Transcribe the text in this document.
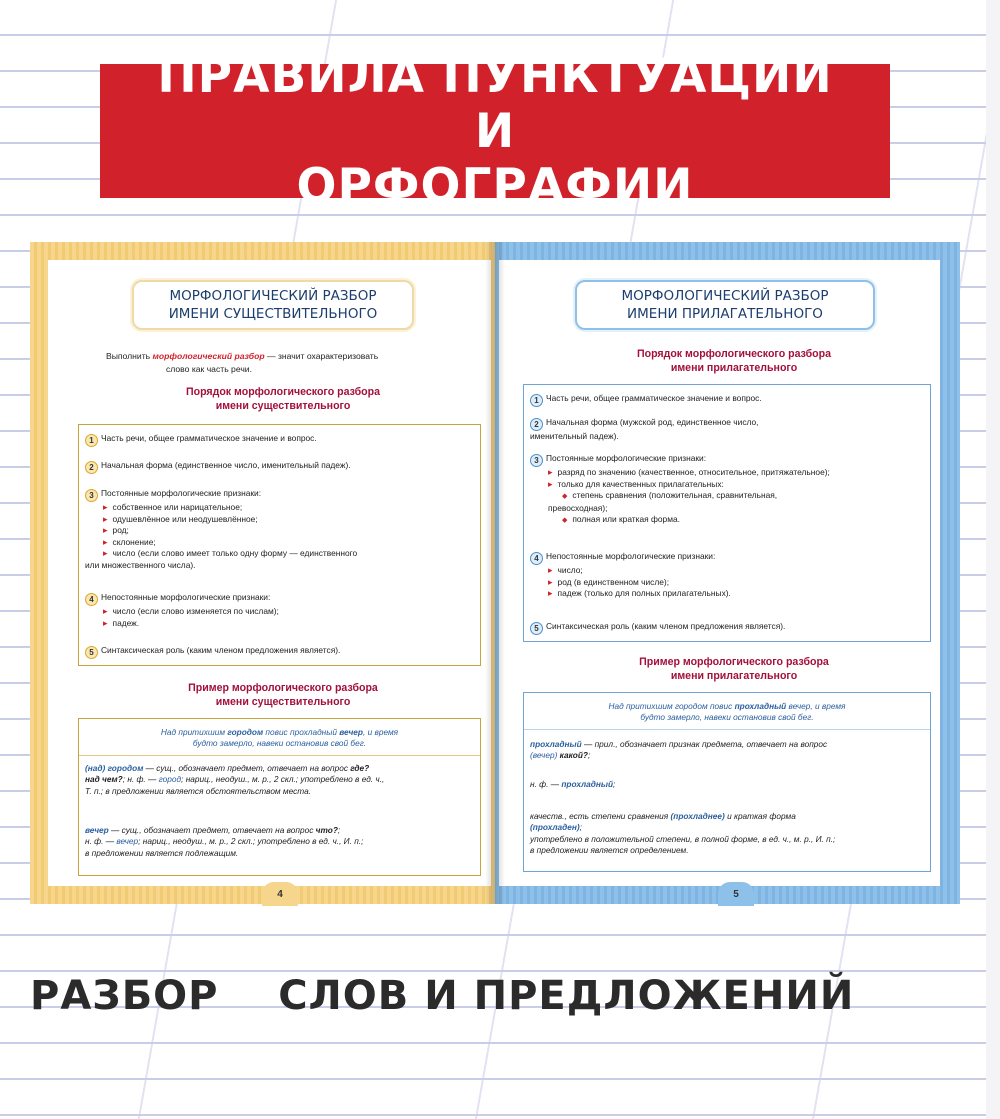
ПРАВИЛА ПУНКТУАЦИИ И
ОРФОГРАФИИ
МОРФОЛОГИЧЕСКИЙ РАЗБОР
ИМЕНИ СУЩЕСТВИТЕЛЬНОГО
Выполнить морфологический разбор — значит охарактеризовать
слово как часть речи.
Порядок морфологического разбора
имени существительного
1 Часть речи, общее грамматическое значение и вопрос.
2 Начальная форма (единственное число, именительный падеж).
3 Постоянные морфологические признаки:
▸ собственное или нарицательное;
▸ одушевлённое или неодушевлённое;
▸ род;
▸ склонение;
▸ число (если слово имеет только одну форму — единственного
или множественного числа).
4 Непостоянные морфологические признаки:
▸ число (если слово изменяется по числам);
▸ падеж.
5 Синтаксическая роль (каким членом предложения является).
Пример морфологического разбора
имени существительного
Над притихшим городом повис прохладный вечер, и время
будто замерло, навеки остановив свой бег.
(над) городом — сущ., обозначает предмет, отвечает на вопрос где?
над чем?; н. ф. — город; нариц., неодуш., м. р., 2 скл.; употреблено в ед. ч.,
Т. п.; в предложении является обстоятельством места.
вечер — сущ., обозначает предмет, отвечает на вопрос что?;
н. ф. — вечер; нариц., неодуш., м. р., 2 скл.; употреблено в ед. ч., И. п.;
в предложении является подлежащим.
4
МОРФОЛОГИЧЕСКИЙ РАЗБОР
ИМЕНИ ПРИЛАГАТЕЛЬНОГО
Порядок морфологического разбора
имени прилагательного
1 Часть речи, общее грамматическое значение и вопрос.
2 Начальная форма (мужской род, единственное число,
именительный падеж).
3 Постоянные морфологические признаки:
▸ разряд по значению (качественное, относительное, притяжательное);
▸ только для качественных прилагательных:
◆ степень сравнения (положительная, сравнительная,
превосходная);
◆ полная или краткая форма.
4 Непостоянные морфологические признаки:
▸ число;
▸ род (в единственном числе);
▸ падеж (только для полных прилагательных).
5 Синтаксическая роль (каким членом предложения является).
Пример морфологического разбора
имени прилагательного
Над притихшим городом повис прохладный вечер, и время
будто замерло, навеки остановив свой бег.
прохладный — прил., обозначает признак предмета, отвечает на вопрос
(вечер) какой?;
н. ф. — прохладный;
качеств., есть степени сравнения (прохладнее) и краткая форма
(прохладен);
употреблено в положительной степени, в полной форме, в ед. ч., м. р., И. п.;
в предложении является определением.
5
РАЗБОР    СЛОВ И ПРЕДЛОЖЕНИЙ
